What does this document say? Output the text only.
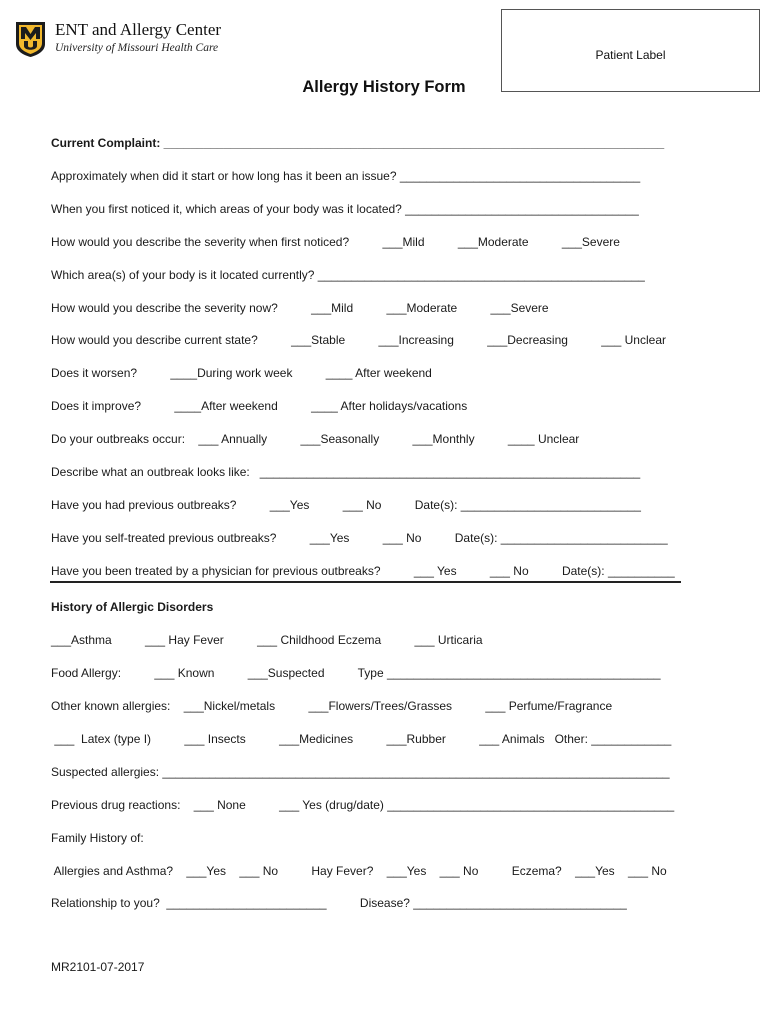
ENT and Allergy Center
University of Missouri Health Care	Patient Label
Allergy History Form
Current Complaint: ___________________________________________________________________________
Approximately when did it start or how long has it been an issue? ____________________________________
When you first noticed it, which areas of your body was it located? ___________________________________
How would you describe the severity when first noticed?          ___Mild          ___Moderate          ___Severe
Which area(s) of your body is it located currently? _________________________________________________
How would you describe the severity now?          ___Mild          ___Moderate          ___Severe
How would you describe current state?          ___Stable          ___Increasing          ___Decreasing          ___ Unclear
Does it worsen?          ____During work week          ____ After weekend
Does it improve?          ____After weekend          ____ After holidays/vacations
Do your outbreaks occur:    ___ Annually          ___Seasonally          ___Monthly          ____ Unclear
Describe what an outbreak looks like:   _________________________________________________________
Have you had previous outbreaks?          ___Yes          ___ No          Date(s): ___________________________
Have you self-treated previous outbreaks?          ___Yes          ___ No          Date(s): _________________________
Have you been treated by a physician for previous outbreaks?          ___ Yes          ___ No          Date(s): __________
History of Allergic Disorders
___Asthma          ___ Hay Fever          ___ Childhood Eczema          ___ Urticaria
Food Allergy:          ___ Known          ___Suspected          Type _________________________________________
Other known allergies:    ___Nickel/metals          ___Flowers/Trees/Grasses          ___ Perfume/Fragrance
___  Latex (type I)          ___ Insects          ___Medicines          ___Rubber          ___ Animals   Other: ____________
Suspected allergies: ____________________________________________________________________________
Previous drug reactions:    ___ None          ___ Yes (drug/date) ___________________________________________
Family History of:
Allergies and Asthma?    ___Yes    ___ No          Hay Fever?    ___Yes    ___ No          Eczema?    ___Yes    ___ No
Relationship to you?  ________________________          Disease? ________________________________
MR2101-07-2017
